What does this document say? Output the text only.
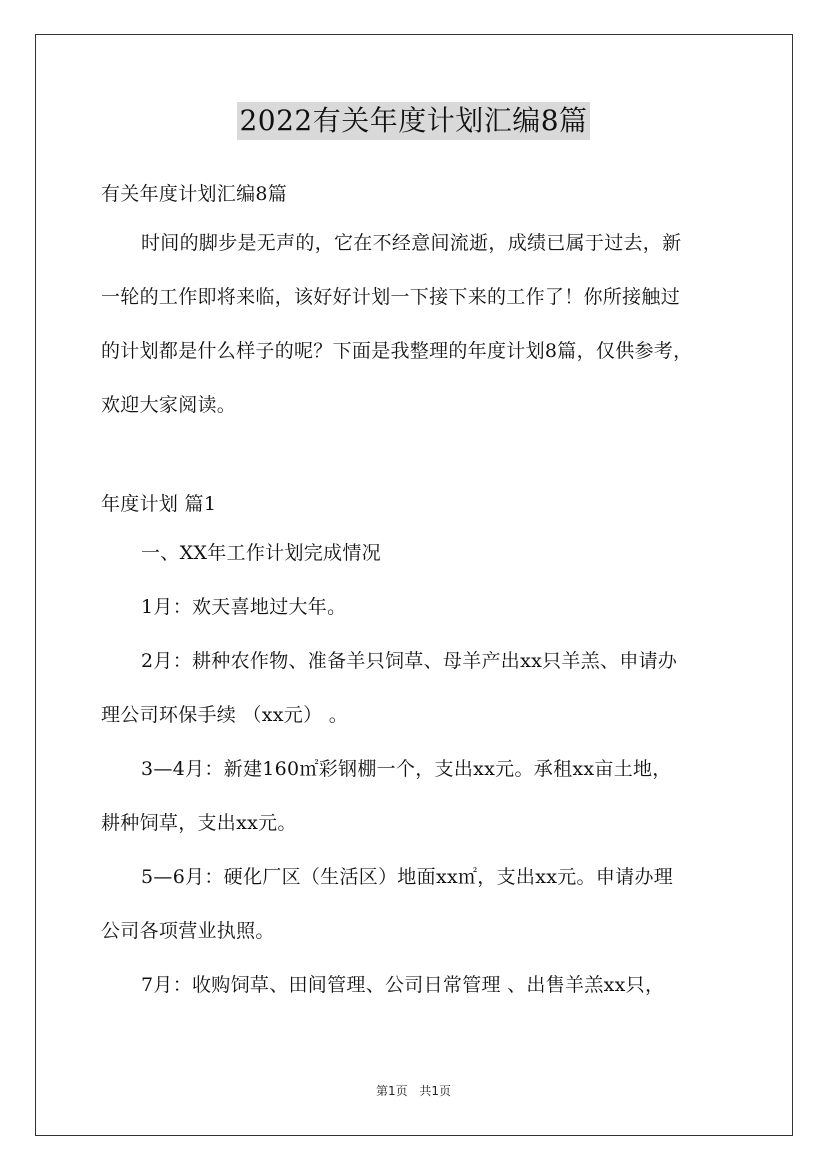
2022有关年度计划汇编8篇
有关年度计划汇编8篇
时间的脚步是无声的，它在不经意间流逝，成绩已属于过去，新
一轮的工作即将来临，该好好计划一下接下来的工作了！你所接触过
的计划都是什么样子的呢？下面是我整理的年度计划8篇，仅供参考，
欢迎大家阅读。
年度计划 篇1
一、XX年工作计划完成情况
1月：欢天喜地过大年。
2月：耕种农作物、准备羊只饲草、母羊产出xx只羊羔、申请办
理公司环保手续 （xx元） 。
3—4月：新建160㎡彩钢棚一个，支出xx元。承租xx亩土地，
耕种饲草，支出xx元。
5—6月：硬化厂区（生活区）地面xx㎡，支出xx元。申请办理
公司各项营业执照。
7月：收购饲草、田间管理、公司日常管理 、出售羊羔xx只，
第1页 共1页
